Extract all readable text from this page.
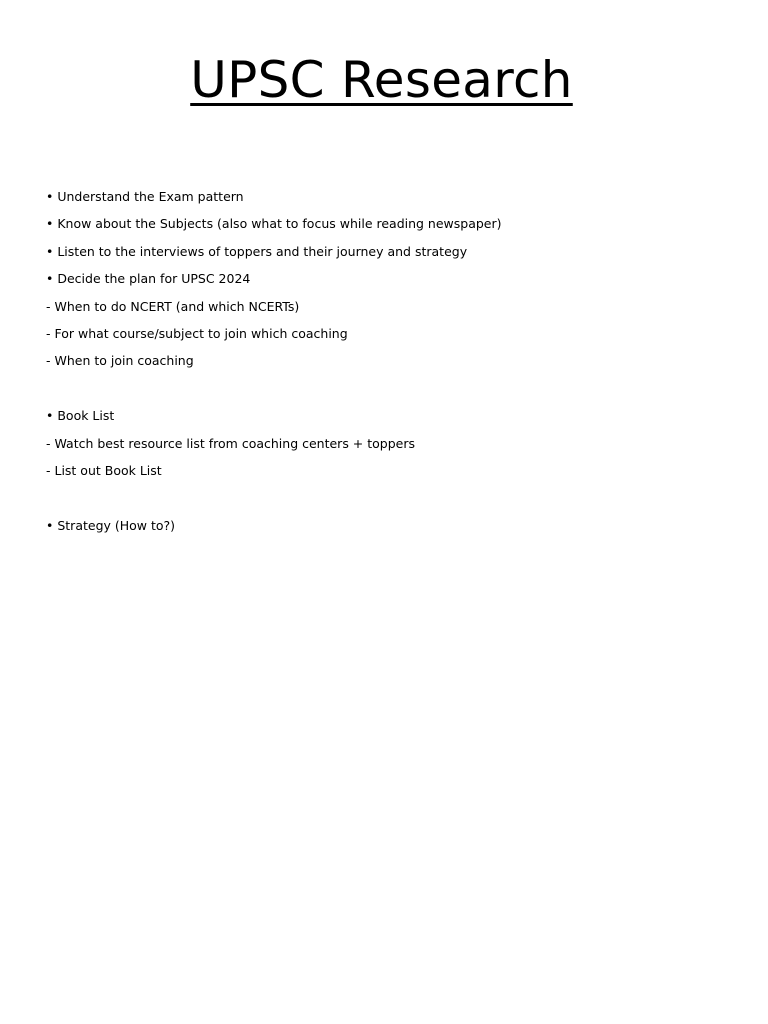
UPSC Research

• Understand the Exam pattern

• Know about the Subjects (also what to focus while reading newspaper)

• Listen to the interviews of toppers and their journey and strategy

• Decide the plan for UPSC 2024

- When to do NCERT (and which NCERTs)

- For what course/subject to join which coaching

- When to join coaching

• Book List

- Watch best resource list from coaching centers + toppers

- List out Book List

• Strategy (How to?)
